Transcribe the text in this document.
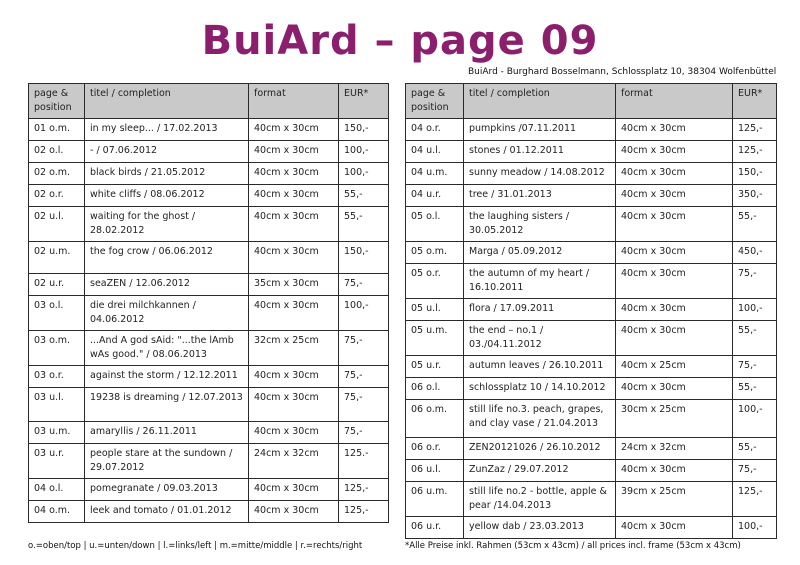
BuiArd – page 09
BuiArd - Burghard Bosselmann, Schlossplatz 10, 38304 Wolfenbüttel
page & position	titel / completion	format	EUR*
01 o.m.	in my sleep... / 17.02.2013	40cm x 30cm	150,-
02 o.l.	- / 07.06.2012	40cm x 30cm	100,-
02 o.m.	black birds / 21.05.2012	40cm x 30cm	100,-
02 o.r.	white cliffs / 08.06.2012	40cm x 30cm	55,-
02 u.l.	waiting for the ghost / 28.02.2012	40cm x 30cm	55,-
02 u.m.	the fog crow / 06.06.2012	40cm x 30cm	150,-
02 u.r.	seaZEN / 12.06.2012	35cm x 30cm	75,-
03 o.l.	die drei milchkannen / 04.06.2012	40cm x 30cm	100,-
03 o.m.	...And A god sAid: "...the lAmb wAs good." / 08.06.2013	32cm x 25cm	75,-
03 o.r.	against the storm / 12.12.2011	40cm x 30cm	75,-
03 u.l.	19238 is dreaming / 12.07.2013	40cm x 30cm	75,-
03 u.m.	amaryllis / 26.11.2011	40cm x 30cm	75,-
03 u.r.	people stare at the sundown / 29.07.2012	24cm x 32cm	125.-
04 o.l.	pomegranate / 09.03.2013	40cm x 30cm	125,-
04 o.m.	leek and tomato / 01.01.2012	40cm x 30cm	125,-
page & position	titel / completion	format	EUR*
04 o.r.	pumpkins /07.11.2011	40cm x 30cm	125,-
04 u.l.	stones / 01.12.2011	40cm x 30cm	125,-
04 u.m.	sunny meadow / 14.08.2012	40cm x 30cm	150,-
04 u.r.	tree / 31.01.2013	40cm x 30cm	350,-
05 o.l.	the laughing sisters / 30.05.2012	40cm x 30cm	55,-
05 o.m.	Marga / 05.09.2012	40cm x 30cm	450,-
05 o.r.	the autumn of my heart / 16.10.2011	40cm x 30cm	75,-
05 u.l.	flora / 17.09.2011	40cm x 30cm	100,-
05 u.m.	the end – no.1 / 03./04.11.2012	40cm x 30cm	55,-
05 u.r.	autumn leaves / 26.10.2011	40cm x 25cm	75,-
06 o.l.	schlossplatz 10 / 14.10.2012	40cm x 30cm	55,-
06 o.m.	still life no.3. peach, grapes, and clay vase / 21.04.2013	30cm x 25cm	100,-
06 o.r.	ZEN20121026 / 26.10.2012	24cm x 32cm	55,-
06 u.l.	ZunZaz / 29.07.2012	40cm x 30cm	75,-
06 u.m.	still life no.2 - bottle, apple & pear /14.04.2013	39cm x 25cm	125,-
06 u.r.	yellow dab / 23.03.2013	40cm x 30cm	100,-
o.=oben/top | u.=unten/down | l.=links/left | m.=mitte/middle | r.=rechts/right	*Alle Preise inkl. Rahmen (53cm x 43cm) / all prices incl. frame (53cm x 43cm)
